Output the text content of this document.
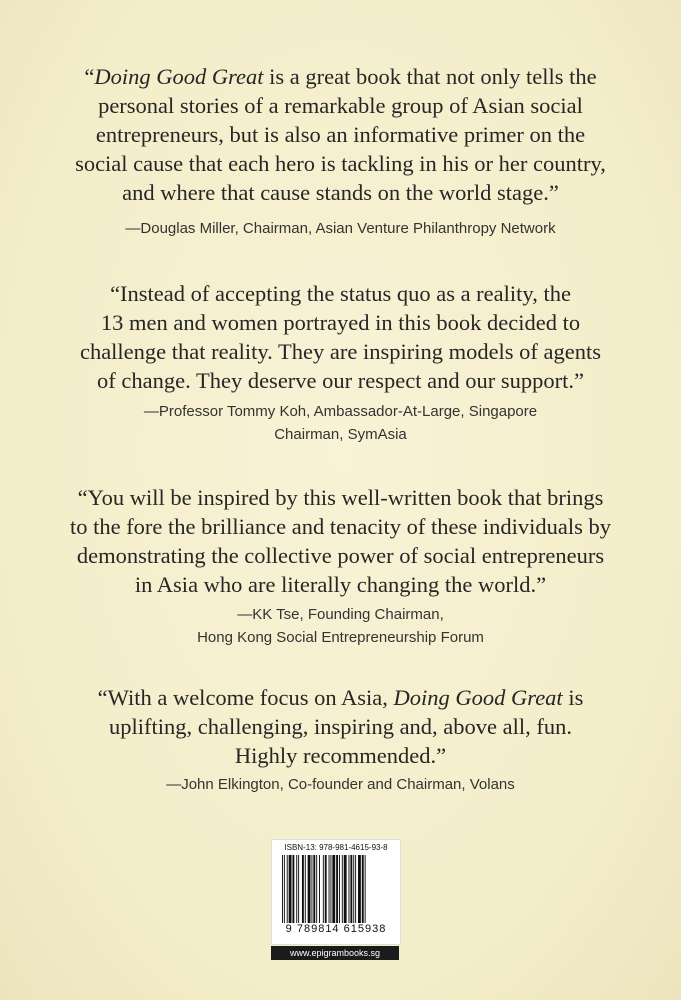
“Doing Good Great is a great book that not only tells the
personal stories of a remarkable group of Asian social
entrepreneurs, but is also an informative primer on the
social cause that each hero is tackling in his or her country,
and where that cause stands on the world stage.”
—Douglas Miller, Chairman, Asian Venture Philanthropy Network
“Instead of accepting the status quo as a reality, the
13 men and women portrayed in this book decided to
challenge that reality. They are inspiring models of agents
of change. They deserve our respect and our support.”
—Professor Tommy Koh, Ambassador-At-Large, Singapore
Chairman, SymAsia
“You will be inspired by this well-written book that brings
to the fore the brilliance and tenacity of these individuals by
demonstrating the collective power of social entrepreneurs
in Asia who are literally changing the world.”
—KK Tse, Founding Chairman,
Hong Kong Social Entrepreneurship Forum
“With a welcome focus on Asia, Doing Good Great is
uplifting, challenging, inspiring and, above all, fun.
Highly recommended.”
—John Elkington, Co-founder and Chairman, Volans
ISBN-13: 978-981-4615-93-8
9 789814 615938
www.epigrambooks.sg
